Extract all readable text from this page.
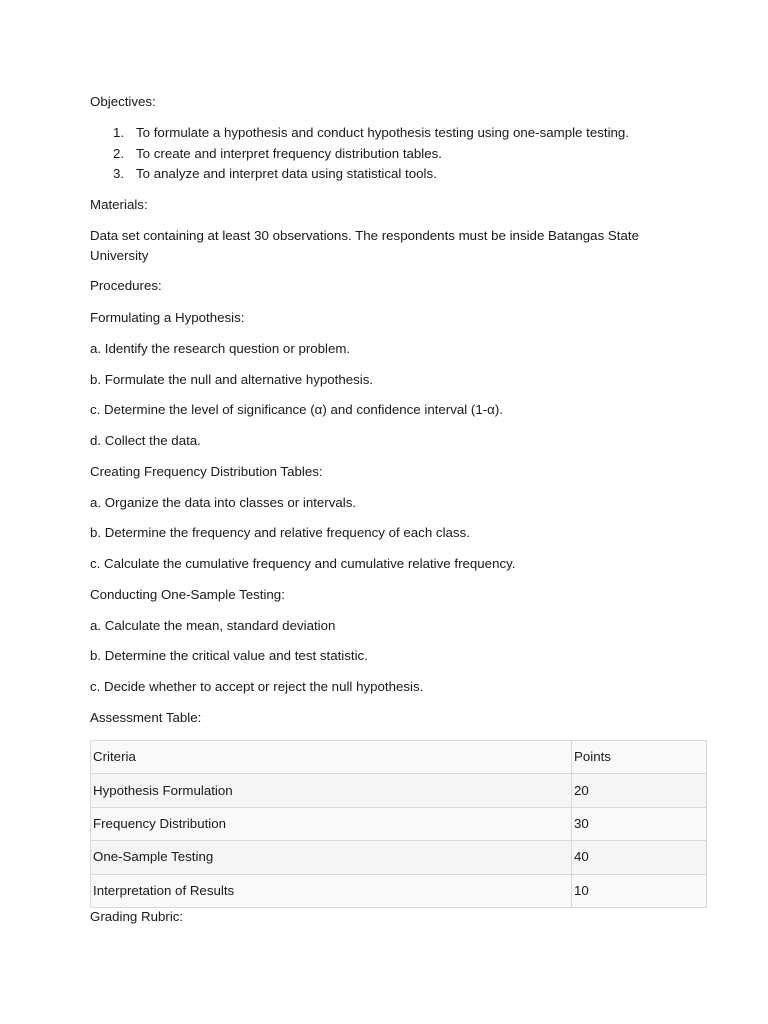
Objectives:
1. To formulate a hypothesis and conduct hypothesis testing using one-sample testing.
2. To create and interpret frequency distribution tables.
3. To analyze and interpret data using statistical tools.
Materials:
Data set containing at least 30 observations. The respondents must be inside Batangas State University
Procedures:
Formulating a Hypothesis:
a. Identify the research question or problem.
b. Formulate the null and alternative hypothesis.
c. Determine the level of significance (α) and confidence interval (1-α).
d. Collect the data.
Creating Frequency Distribution Tables:
a. Organize the data into classes or intervals.
b. Determine the frequency and relative frequency of each class.
c. Calculate the cumulative frequency and cumulative relative frequency.
Conducting One-Sample Testing:
a. Calculate the mean, standard deviation
b. Determine the critical value and test statistic.
c. Decide whether to accept or reject the null hypothesis.
Assessment Table:
Criteria	Points
Hypothesis Formulation	20
Frequency Distribution	30
One-Sample Testing	40
Interpretation of Results	10
Grading Rubric:
